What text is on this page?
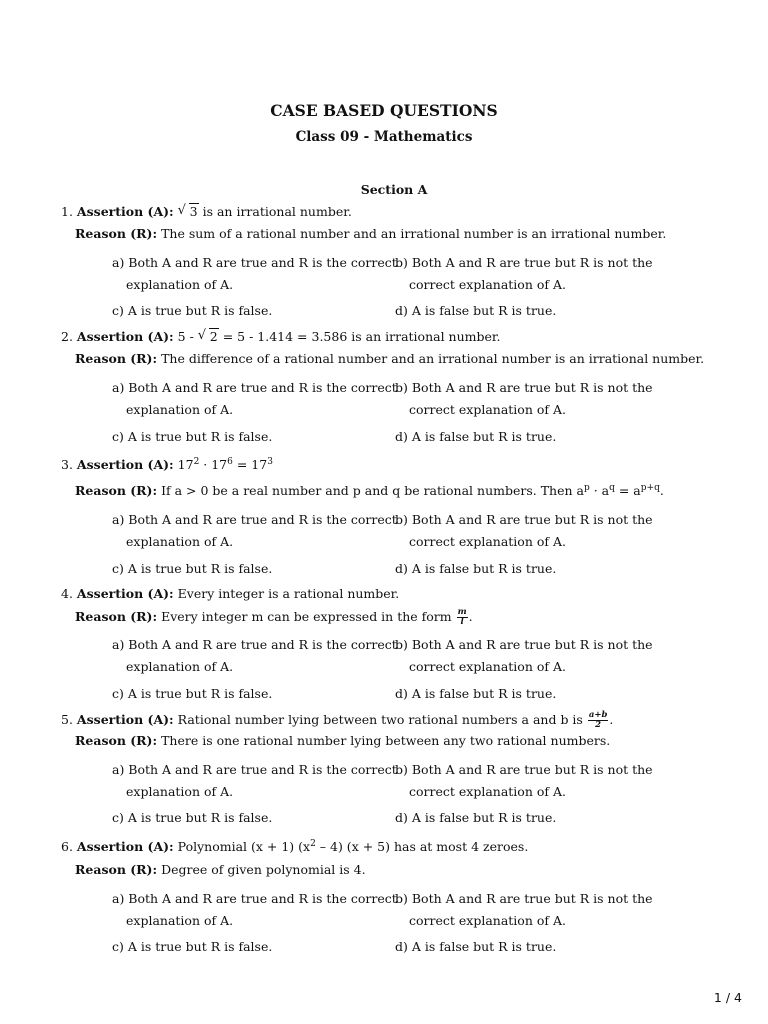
CASE BASED QUESTIONS
Class 09 - Mathematics
Section A
1. Assertion (A): √ 3 is an irrational number.
Reason (R): The sum of a rational number and an irrational number is an irrational number.
a) Both A and R are true and R is the correct
explanation of A.
b) Both A and R are true but R is not the
correct explanation of A.
c) A is true but R is false.	d) A is false but R is true.
2. Assertion (A): 5 - √ 2 = 5 - 1.414 = 3.586 is an irrational number.
Reason (R): The difference of a rational number and an irrational number is an irrational number.
a) Both A and R are true and R is the correct
explanation of A.
b) Both A and R are true but R is not the
correct explanation of A.
c) A is true but R is false.	d) A is false but R is true.
3. Assertion (A): $17^2 \cdot 17^6 = 17^3$
Reason (R): If a > 0 be a real number and p and q be rational numbers. Then $a^p \cdot a^q = a^{p+q}$.
a) Both A and R are true and R is the correct
explanation of A.
b) Both A and R are true but R is not the
correct explanation of A.
c) A is true but R is false.	d) A is false but R is true.
4. Assertion (A): Every integer is a rational number.
Reason (R): Every integer m can be expressed in the form $\frac{m}{l}$ .
a) Both A and R are true and R is the correct
explanation of A.
b) Both A and R are true but R is not the
correct explanation of A.
c) A is true but R is false.	d) A is false but R is true.
5. Assertion (A): Rational number lying between two rational numbers a and b is $\frac{a+b}{2}$ .
Reason (R): There is one rational number lying between any two rational numbers.
a) Both A and R are true and R is the correct
explanation of A.
b) Both A and R are true but R is not the
correct explanation of A.
c) A is true but R is false.	d) A is false but R is true.
6. Assertion (A): Polynomial (x + 1) $(x^2 - 4) (x + 5)$ has at most 4 zeroes.
Reason (R): Degree of given polynomial is 4.
a) Both A and R are true and R is the correct
explanation of A.
b) Both A and R are true but R is not the
correct explanation of A.
c) A is true but R is false.	d) A is false but R is true.
1 / 4
